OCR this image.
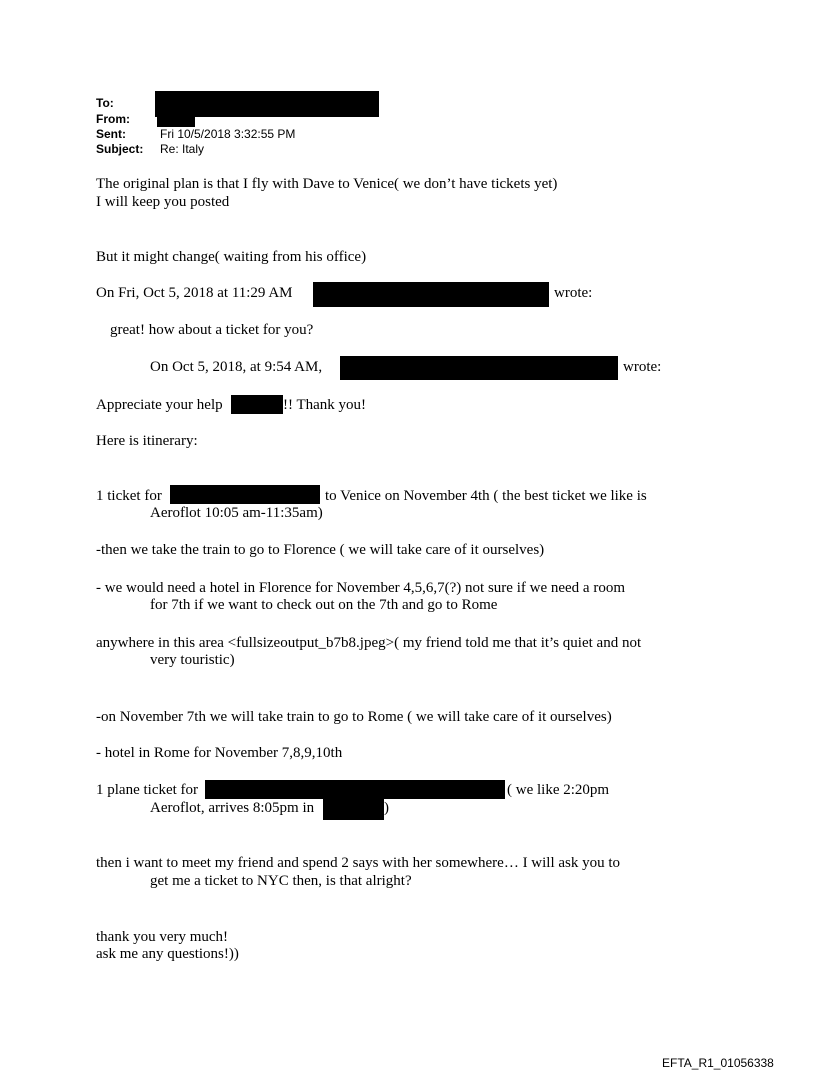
To:
From:
Sent:	Fri 10/5/2018 3:32:55 PM
Subject: Re: Italy
The original plan is that I fly with Dave to Venice( we don’t have tickets yet)
I will keep you posted
But it might change( waiting from his office)
On Fri, Oct 5, 2018 at 11:29 AM	wrote:
great! how about a ticket for you?
On Oct 5, 2018, at 9:54 AM,	wrote:
Appreciate your help	!! Thank you!
Here is itinerary:
1 ticket for	to Venice on November 4th ( the best ticket we like is
Aeroflot 10:05 am-11:35am)
-then we take the train to go to Florence ( we will take care of it ourselves)
- we would need a hotel in Florence for November 4,5,6,7(?) not sure if we need a room
for 7th if we want to check out on the 7th and go to Rome
anywhere in this area <fullsizeoutput_b7b8.jpeg>( my friend told me that it’s quiet and not
very touristic)
-on November 7th we will take train to go to Rome ( we will take care of it ourselves)
- hotel in Rome for November 7,8,9,10th
1 plane ticket for	( we like 2:20pm
Aeroflot, arrives 8:05pm in	)
then i want to meet my friend and spend 2 says with her somewhere… I will ask you to
get me a ticket to NYC then, is that alright?
thank you very much!
ask me any questions!))
EFTA_R1_01056338
